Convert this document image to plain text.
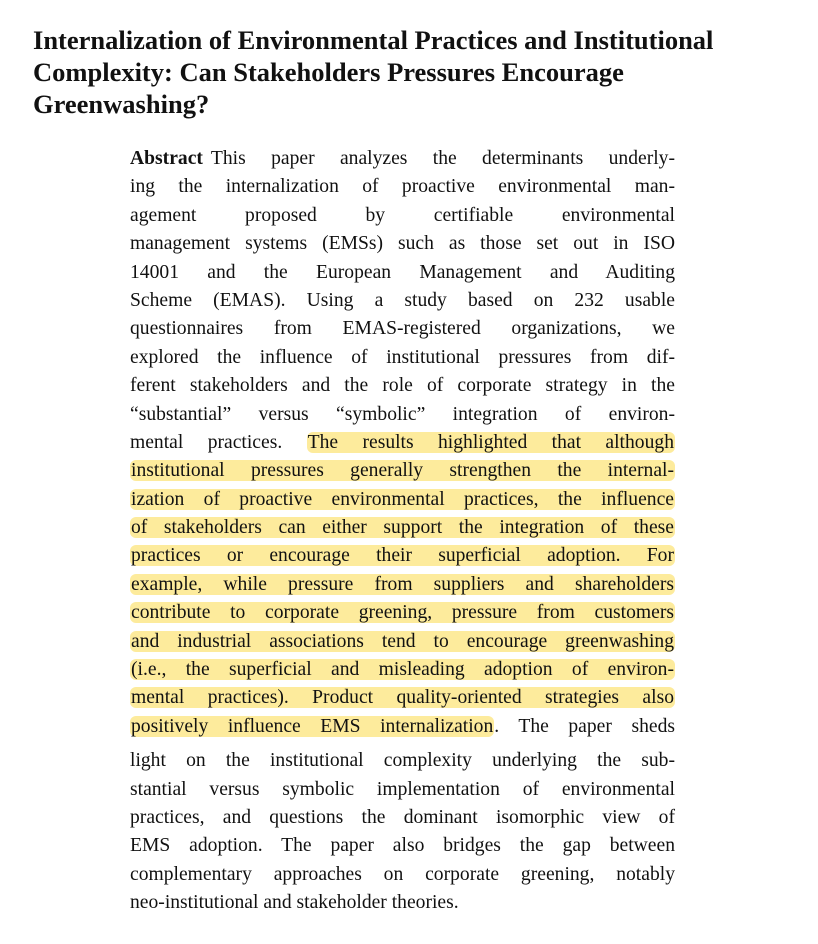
Internalization of Environmental Practices and Institutional
Complexity: Can Stakeholders Pressures Encourage
Greenwashing?
Abstract This paper analyzes the determinants underly-
ing the internalization of proactive environmental man-
agement proposed by certifiable environmental
management systems (EMSs) such as those set out in ISO
14001 and the European Management and Auditing
Scheme (EMAS). Using a study based on 232 usable
questionnaires from EMAS-registered organizations, we
explored the influence of institutional pressures from dif-
ferent stakeholders and the role of corporate strategy in the
“substantial” versus “symbolic” integration of environ-
mental practices. The results highlighted that although
institutional pressures generally strengthen the internal-
ization of proactive environmental practices, the influence
of stakeholders can either support the integration of these
practices or encourage their superficial adoption. For
example, while pressure from suppliers and shareholders
contribute to corporate greening, pressure from customers
and industrial associations tend to encourage greenwashing
(i.e., the superficial and misleading adoption of environ-
mental practices). Product quality-oriented strategies also
positively influence EMS internalization. The paper sheds
light on the institutional complexity underlying the sub-
stantial versus symbolic implementation of environmental
practices, and questions the dominant isomorphic view of
EMS adoption. The paper also bridges the gap between
complementary approaches on corporate greening, notably
neo-institutional and stakeholder theories.
